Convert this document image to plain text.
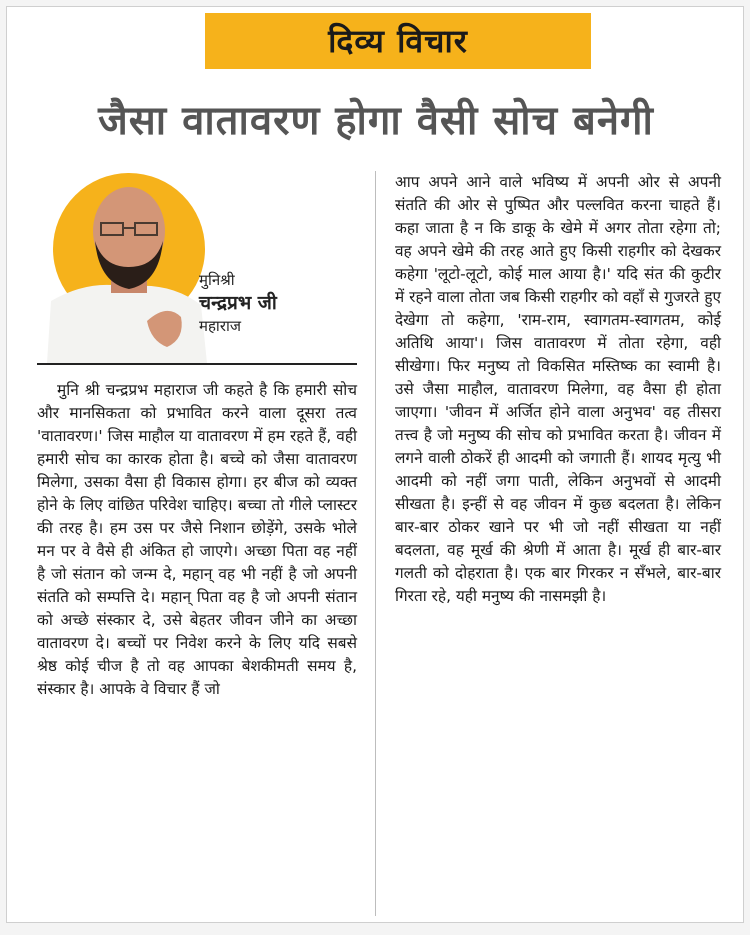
दिव्य विचार
जैसा वातावरण होगा वैसी सोच बनेगी
मुनिश्री
चन्द्रप्रभ जी
महाराज
मुनि श्री चन्द्रप्रभ महाराज जी कहते है कि हमारी सोच और मानसिकता को प्रभावित करने वाला दूसरा तत्व 'वातावरण।' जिस माहौल या वातावरण में हम रहते हैं, वही हमारी सोच का कारक होता है। बच्चे को जैसा वातावरण मिलेगा, उसका वैसा ही विकास होगा। हर बीज को व्यक्त होने के लिए वांछित परिवेश चाहिए। बच्चा तो गीले प्लास्टर की तरह है। हम उस पर जैसे निशान छोड़ेंगे, उसके भोले मन पर वे वैसे ही अंकित हो जाएगे। अच्छा पिता वह नहीं है जो संतान को जन्म दे, महान् वह भी नहीं है जो अपनी संतति को सम्पत्ति दे। महान् पिता वह है जो अपनी संतान को अच्छे संस्कार दे, उसे बेहतर जीवन जीने का अच्छा वातावरण दे। बच्चों पर निवेश करने के लिए यदि सबसे श्रेष्ठ कोई चीज है तो वह आपका बेशकीमती समय है, संस्कार है। आपके वे विचार हैं जो
आप अपने आने वाले भविष्य में अपनी ओर से अपनी संतति की ओर से पुष्पित और पल्लवित करना चाहते हैं। कहा जाता है न कि डाकू के खेमे में अगर तोता रहेगा तो; वह अपने खेमे की तरह आते हुए किसी राहगीर को देखकर कहेगा 'लूटो-लूटो, कोई माल आया है।' यदि संत की कुटीर में रहने वाला तोता जब किसी राहगीर को वहाँ से गुजरते हुए देखेगा तो कहेगा, 'राम-राम, स्वागतम-स्वागतम, कोई अतिथि आया'। जिस वातावरण में तोता रहेगा, वही सीखेगा। फिर मनुष्य तो विकसित मस्तिष्क का स्वामी है। उसे जैसा माहौल, वातावरण मिलेगा, वह वैसा ही होता जाएगा। 'जीवन में अर्जित होने वाला अनुभव' वह तीसरा तत्त्व है जो मनुष्य की सोच को प्रभावित करता है। जीवन में लगने वाली ठोकरें ही आदमी को जगाती हैं। शायद मृत्यु भी आदमी को नहीं जगा पाती, लेकिन अनुभवों से आदमी सीखता है। इन्हीं से वह जीवन में कुछ बदलता है। लेकिन बार-बार ठोकर खाने पर भी जो नहीं सीखता या नहीं बदलता, वह मूर्ख की श्रेणी में आता है। मूर्ख ही बार-बार गलती को दोहराता है। एक बार गिरकर न सँभले, बार-बार गिरता रहे, यही मनुष्य की नासमझी है।
